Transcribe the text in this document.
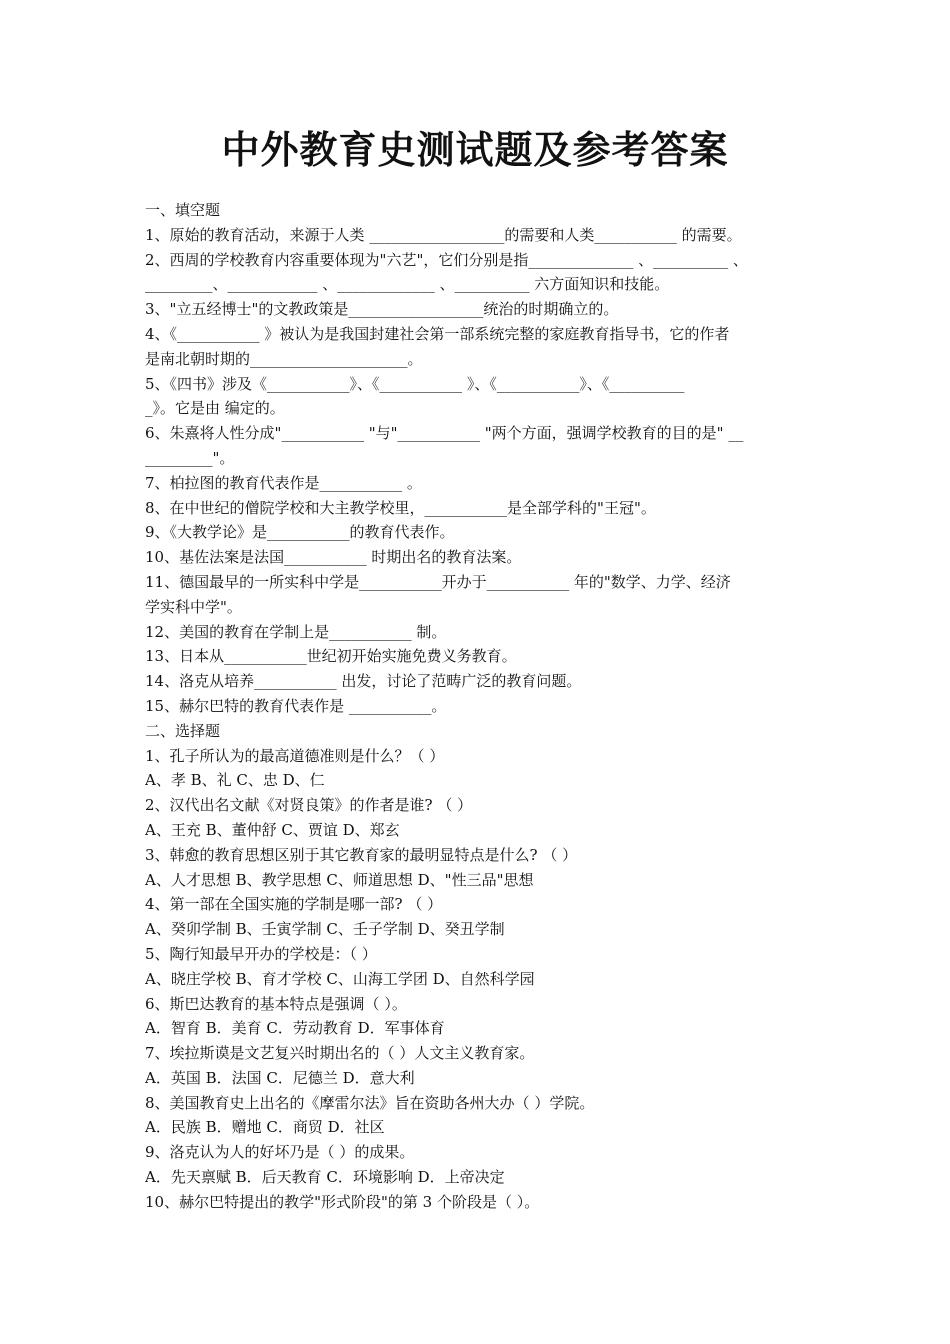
中外教育史测试题及参考答案
一、填空题
1、原始的教育活动，来源于人类 __________________的需要和人类___________ 的需要。
2、西周的学校教育内容重要体现为"六艺"，它们分别是指______________ 、__________ 、
_________、____________ 、_____________ 、__________ 六方面知识和技能。
3、"立五经博士"的文教政策是__________________统治的时期确立的。
4、《___________ 》被认为是我国封建社会第一部系统完整的家庭教育指导书，它的作者
是南北朝时期的_____________________。
5、《四书》涉及《___________》、《___________ 》、《___________》、《__________
_》。它是由 编定的。
6、朱熹将人性分成"___________ "与"___________ "两个方面，强调学校教育的目的是" __
_________"。
7、柏拉图的教育代表作是___________ 。
8、在中世纪的僧院学校和大主教学校里，___________是全部学科的"王冠"。
9、《大教学论》是___________的教育代表作。
10、基佐法案是法国___________ 时期出名的教育法案。
11、德国最早的一所实科中学是___________开办于___________ 年的"数学、力学、经济
学实科中学"。
12、美国的教育在学制上是___________ 制。
13、日本从___________世纪初开始实施免费义务教育。
14、洛克从培养___________ 出发，讨论了范畴广泛的教育问题。
15、赫尔巴特的教育代表作是 ___________。
二、选择题
1、孔子所认为的最高道德准则是什么？（ ）
A、孝 B、礼 C、忠 D、仁
2、汉代出名文献《对贤良策》的作者是谁? （ ）
A、王充 B、董仲舒 C、贾谊 D、郑玄
3、韩愈的教育思想区别于其它教育家的最明显特点是什么? （ ）
A、人才思想 B、教学思想 C、师道思想 D、"性三品"思想
4、第一部在全国实施的学制是哪一部? （ ）
A、癸卯学制 B、壬寅学制 C、壬子学制 D、癸丑学制
5、陶行知最早开办的学校是：（ ）
A、晓庄学校 B、育才学校 C、山海工学团 D、自然科学园
6、斯巴达教育的基本特点是强调（ ）。
A．智育 B．美育 C．劳动教育 D．军事体育
7、埃拉斯谟是文艺复兴时期出名的（ ）人文主义教育家。
A．英国 B．法国 C．尼德兰 D．意大利
8、美国教育史上出名的《摩雷尔法》旨在资助各州大办（ ）学院。
A．民族 B．赠地 C．商贸 D．社区
9、洛克认为人的好坏乃是（ ）的成果。
A．先天禀赋 B．后天教育 C．环境影响 D．上帝决定
10、赫尔巴特提出的教学"形式阶段"的第 3 个阶段是（ ）。
